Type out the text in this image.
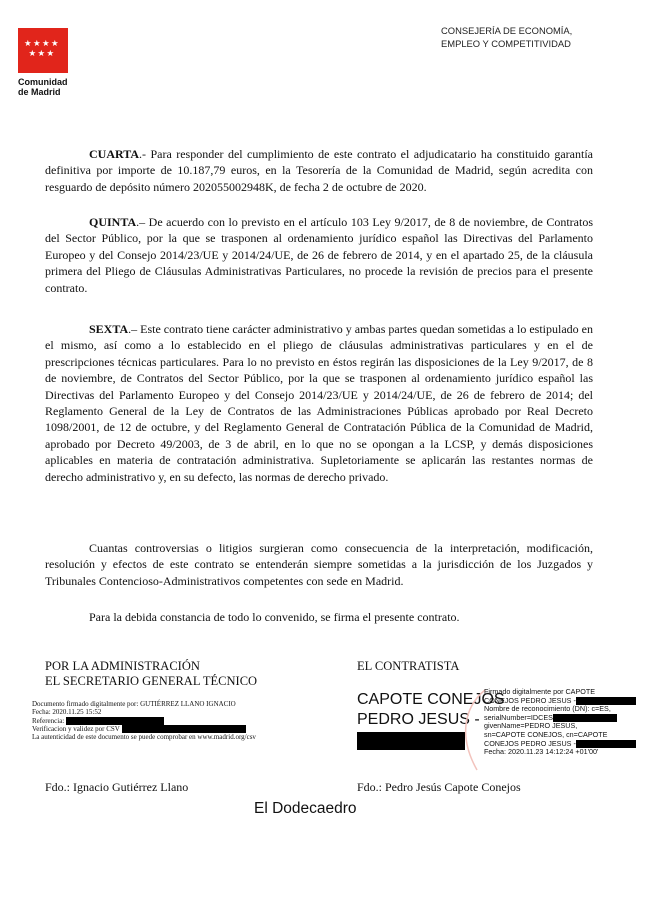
★ ★ ★ ★
★ ★ ★
Comunidad
de Madrid
CONSEJERÍA DE ECONOMÍA,
EMPLEO Y COMPETITIVIDAD

CUARTA.- Para responder del cumplimiento de este contrato el adjudicatario ha constituido garantía definitiva por importe de 10.187,79 euros, en la Tesorería de la Comunidad de Madrid, según acredita con resguardo de depósito número 202055002948K, de fecha 2 de octubre de 2020.

QUINTA.– De acuerdo con lo previsto en el artículo 103 Ley 9/2017, de 8 de noviembre, de Contratos del Sector Público, por la que se trasponen al ordenamiento jurídico español las Directivas del Parlamento Europeo y del Consejo 2014/23/UE y 2014/24/UE, de 26 de febrero de 2014, y en el apartado 25, de la cláusula primera del Pliego de Cláusulas Administrativas Particulares, no procede la revisión de precios para el presente contrato.

SEXTA.– Este contrato tiene carácter administrativo y ambas partes quedan sometidas a lo estipulado en el mismo, así como a lo establecido en el pliego de cláusulas administrativas particulares y en el de prescripciones técnicas particulares. Para lo no previsto en éstos regirán las disposiciones de la Ley 9/2017, de 8 de noviembre, de Contratos del Sector Público, por la que se trasponen al ordenamiento jurídico español las Directivas del Parlamento Europeo y del Consejo 2014/23/UE y 2014/24/UE, de 26 de febrero de 2014; del Reglamento General de la Ley de Contratos de las Administraciones Públicas aprobado por Real Decreto 1098/2001, de 12 de octubre, y del Reglamento General de Contratación Pública de la Comunidad de Madrid, aprobado por Decreto 49/2003, de 3 de abril, en lo que no se opongan a la LCSP, y demás disposiciones aplicables en materia de contratación administrativa. Supletoriamente se aplicarán las restantes normas de derecho administrativo y, en su defecto, las normas de derecho privado.

Cuantas controversias o litigios surgieran como consecuencia de la interpretación, modificación, resolución y efectos de este contrato se entenderán siempre sometidas a la jurisdicción de los Juzgados y Tribunales Contencioso-Administrativos competentes con sede en Madrid.

Para la debida constancia de todo lo convenido, se firma el presente contrato.

POR LA ADMINISTRACIÓN
EL SECRETARIO GENERAL TÉCNICO
EL CONTRATISTA
Documento firmado digitalmente por: GUTIÉRREZ LLANO IGNACIO
Fecha: 2020.11.25 15:52
Referencia:
Verificacion y validez por CSV
La autenticidad de este documento se puede comprobar en www.madrid.org/csv
CAPOTE CONEJOS
PEDRO JESUS -
Firmado digitalmente por CAPOTE
CONEJOS PEDRO JESUS -
Nombre de reconocimiento (DN): c=ES,
serialNumber=IDCES
givenName=PEDRO JESUS,
sn=CAPOTE CONEJOS, cn=CAPOTE
CONEJOS PEDRO JESUS -
Fecha: 2020.11.23 14:12:24 +01'00'
Fdo.: Ignacio Gutiérrez Llano	Fdo.: Pedro Jesús Capote Conejos
El Dodecaedro
